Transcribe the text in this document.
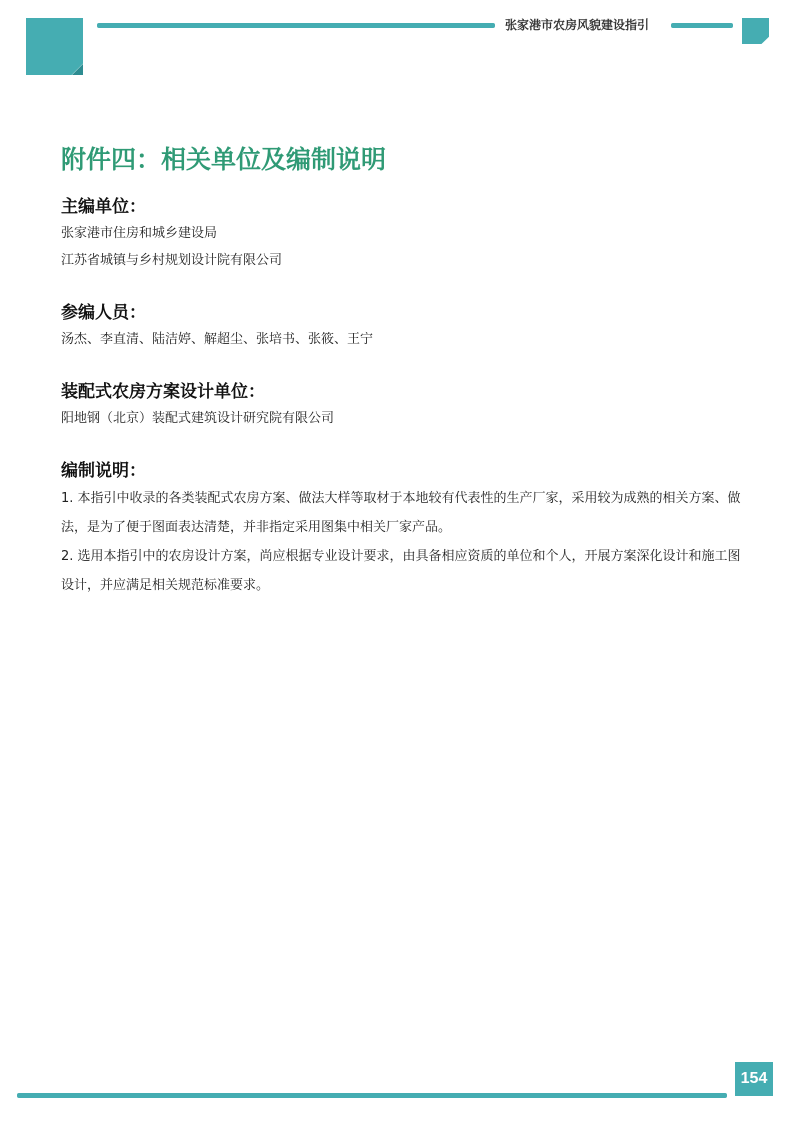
张家港市农房风貌建设指引
附件四：相关单位及编制说明
主编单位：

张家港市住房和城乡建设局

江苏省城镇与乡村规划设计院有限公司

参编人员：

汤杰、李直清、陆洁婷、解超尘、张培书、张筱、王宁

装配式农房方案设计单位：

阳地钢（北京）装配式建筑设计研究院有限公司

编制说明：

1. 本指引中收录的各类装配式农房方案、做法大样等取材于本地较有代表性的生产厂家，采用较为成熟的相关方案、做法，是为了便于图面表达清楚，并非指定采用图集中相关厂家产品。

2. 选用本指引中的农房设计方案，尚应根据专业设计要求，由具备相应资质的单位和个人，开展方案深化设计和施工图设计，并应满足相关规范标准要求。

154
